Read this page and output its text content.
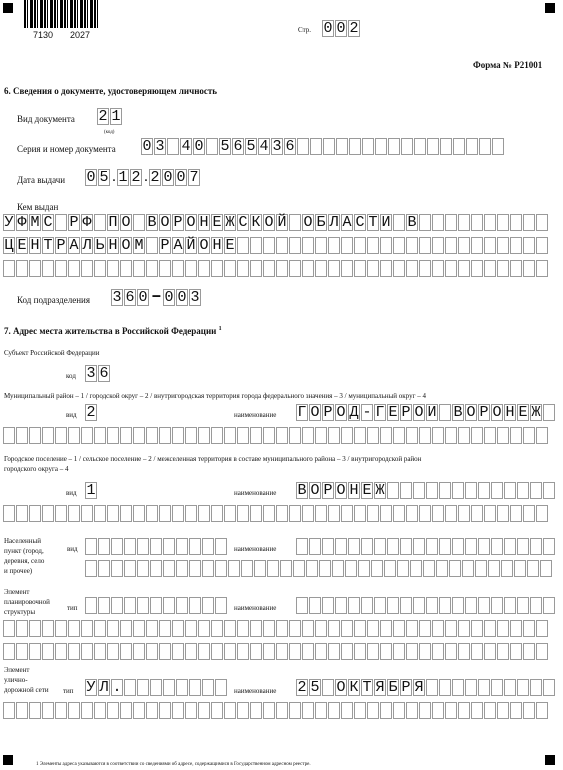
7130 2027	Стр. 0 0 2
Форма № Р21001
6. Сведения о документе, удостоверяющем личность
Вид документа 2 1
(код)
Серия и номер документа 0 3 4 0 5 6 5 4 3 6
Дата выдачи 0 5 . 1 2 . 2 0 0 7
Кем выдан
У Ф М С Р Ф П О В О Р О Н Е Ж С К О Й О Б Л А С Т И В
Ц Е Н Т Р А Л Ь Н О М Р А Й О Н Е
Код подразделения 3 6 0 – 0 0 3
7. Адрес места жительства в Российской Федерации $^1$
Субъект Российской Федерации
код 3 6
Муниципальный район – 1 / городской округ – 2 / внутригородская территория города федерального значения – 3 / муниципальный округ – 4
вид 2	наименование Г О Р О Д - Г Е Р О И В О Р О Н Е Ж
Городское поселение – 1 / сельское поселение – 2 / межселенная территория в составе муниципального района – 3 / внутригородской район
городского округа – 4
вид 1	наименование В О Р О Н Е Ж
Населенный
пункт (город,
деревня, село
и прочее)
вид	наименование
Элемент
планировочной
структуры	тип	наименование
Элемент
улично-
дорожной сети тип У Л .	наименование 2 5 О К Т Я Б Р Я
1 Элементы адреса указываются в соответствии со сведениями об адресе, содержащимися в Государственном адресном реестре.
